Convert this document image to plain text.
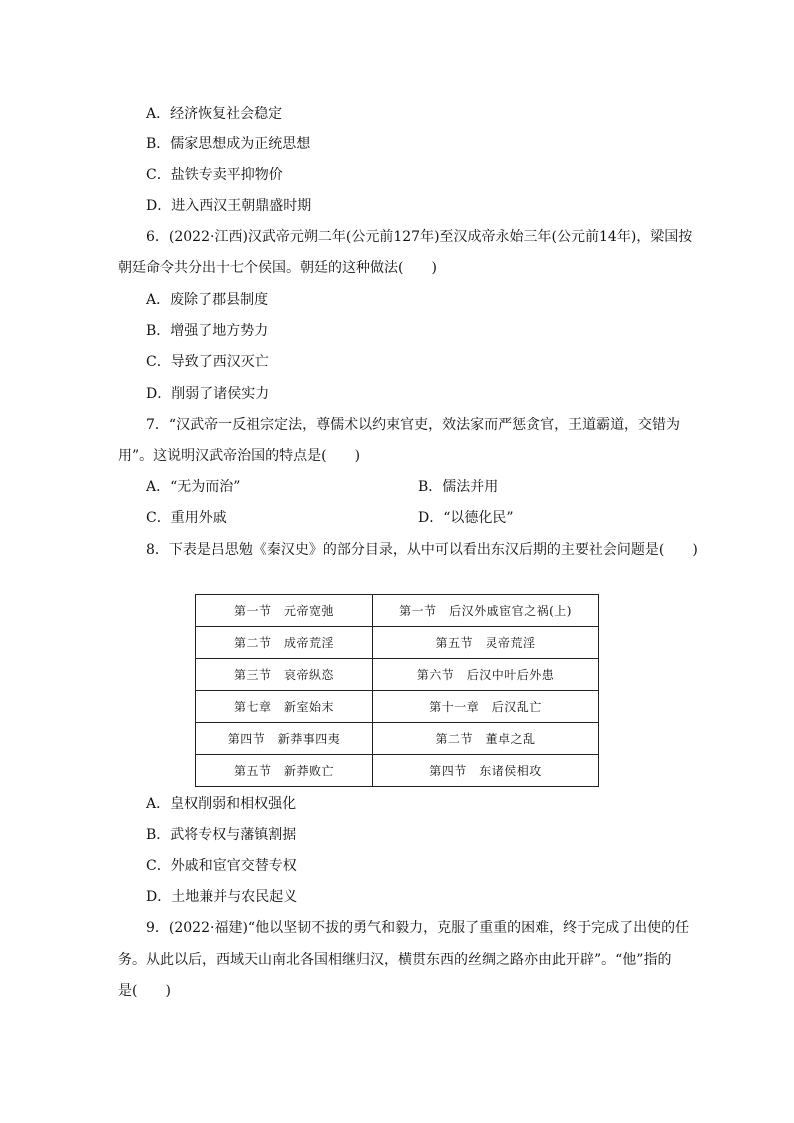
A．经济恢复社会稳定
B．儒家思想成为正统思想
C．盐铁专卖平抑物价
D．进入西汉王朝鼎盛时期
6．(2022·江西)汉武帝元朔二年(公元前127年)至汉成帝永始三年(公元前14年)，梁国按
朝廷命令共分出十七个侯国。朝廷的这种做法(　　)
A．废除了郡县制度
B．增强了地方势力
C．导致了西汉灭亡
D．削弱了诸侯实力
7．“汉武帝一反祖宗定法，尊儒术以约束官吏，效法家而严惩贪官，王道霸道，交错为
用”。这说明汉武帝治国的特点是(　　)
A．“无为而治”	B．儒法并用
C．重用外戚	D．“以德化民”
8．下表是吕思勉《秦汉史》的部分目录，从中可以看出东汉后期的主要社会问题是(　　)
第一节　元帝宽弛	第一节　后汉外戚宦官之祸(上)
第二节　成帝荒淫	第五节　灵帝荒淫
第三节　哀帝纵恣	第六节　后汉中叶后外患
第七章　新室始末	第十一章　后汉乱亡
第四节　新莽事四夷	第二节　董卓之乱
第五节　新莽败亡	第四节　东诸侯相攻
A．皇权削弱和相权强化
B．武将专权与藩镇割据
C．外戚和宦官交替专权
D．土地兼并与农民起义
9．(2022·福建)“他以坚韧不拔的勇气和毅力，克服了重重的困难，终于完成了出使的任
务。从此以后，西域天山南北各国相继归汉，横贯东西的丝绸之路亦由此开辟”。“他”指的
是(　　)
